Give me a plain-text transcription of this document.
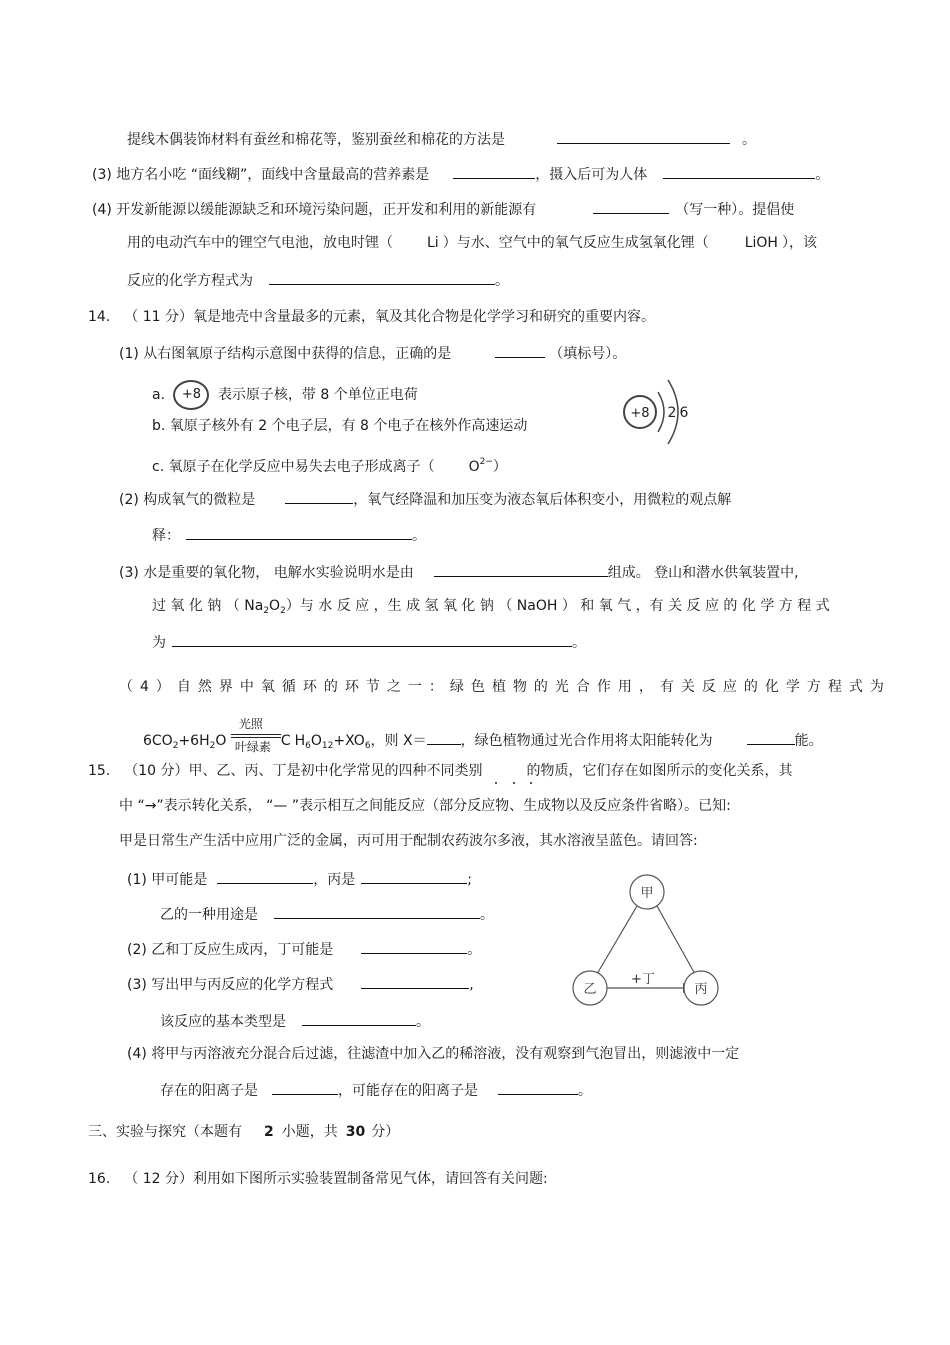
提线木偶装饰材料有蚕丝和棉花等，鉴别蚕丝和棉花的方法是	。
(3) 地方名小吃 “面线糊”，面线中含量最高的营养素是	，摄入后可为人体	。
(4) 开发新能源以缓能源缺乏和环境污染问题，正开发和利用的新能源有	（写一种）。提倡使
用的电动汽车中的锂空气电池，放电时锂（ Li ）与水、空气中的氧气反应生成氢氧化锂（	LiOH ），该
反应的化学方程式为	。
14. （ 11 分）氧是地壳中含量最多的元素，氧及其化合物是化学学习和研究的重要内容。
(1) 从右图氧原子结构示意图中获得的信息，正确的是	（填标号）。
a. +8 表示原子核，带 8 个单位正电荷
b. 氧原子核外有 2 个电子层，有 8 个电子在核外作高速运动
c. 氧原子在化学反应中易失去电子形成离子（ $O^{2-}$）
+8 2 6
(2) 构成氧气的微粒是	，氧气经降温和加压变为液态氧后体积变小，用微粒的观点解
释：	。
(3) 水是重要的氧化物， 电解水实验说明水是由	组成。 登山和潜水供氧装置中,
过 氧 化 钠 （ $Na_2O_2$）与 水 反 应 ，生 成 氢 氧 化 钠 （ NaOH ） 和 氧 气 ，有 关 反 应 的 化 学 方 程 式
为	。
（4）自然界中氧循环的环节之一：绿色植物的光合作用，有关反应的化学方程式为
$6CO_2+6H_2O$
光照
叶绿素 C $H_6O_{12}+XO_6$，则 X＝ ，绿色植物通过光合作用将太阳能转化为	能。
15. （10 分）甲、乙、丙、丁是初中化学常见的四种不同类别	的物质，它们存在如图所示的变化关系，其
中 “→”表示转化关系， “— ”表示相互之间能反应（部分反应物、生成物以及反应条件省略）。已知:
甲是日常生产生活中应用广泛的金属，丙可用于配制农药波尔多液，其水溶液呈蓝色。请回答:
(1) 甲可能是	，丙是	;
乙的一种用途是	。
(2) 乙和丁反应生成丙，丁可能是	。
(3) 写出甲与丙反应的化学方程式	,
该反应的基本类型是	。
(4) 将甲与丙溶液充分混合后过滤，往滤渣中加入乙的稀溶液，没有观察到气泡冒出，则滤液中一定
存在的阳离子是	，可能存在的阳离子是	。
甲
乙	丙
+丁
三、实验与探究（本题有 2 小题，共 30 分）
16. （ 12 分）利用如下图所示实验装置制备常见气体，请回答有关问题:
